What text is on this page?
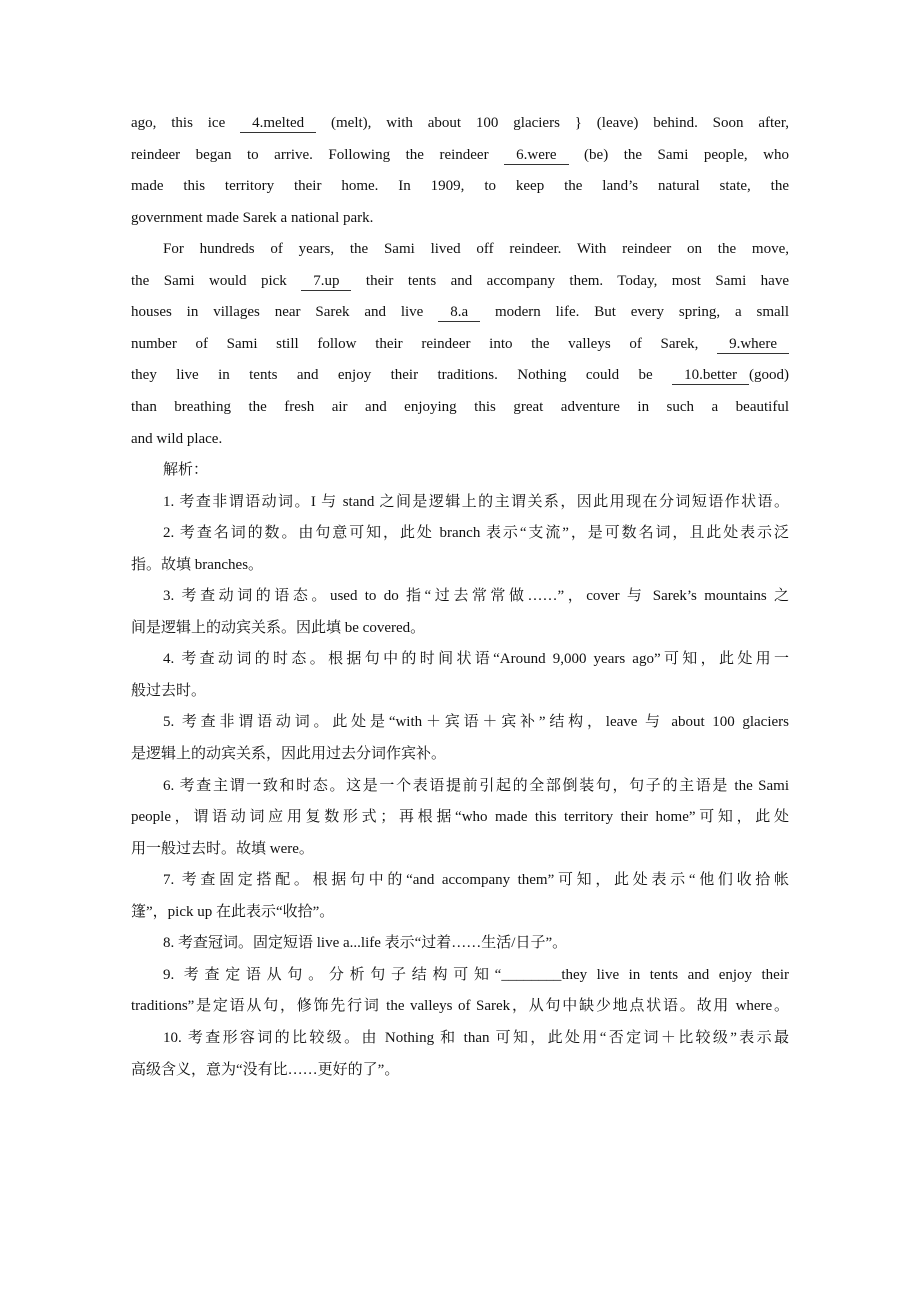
ago, this ice 4.melted (melt), with about 100 glaciers } (leave) behind. Soon after,
reindeer began to arrive. Following the reindeer 6.were (be) the Sami people, who
made this territory their home. In 1909, to keep the land’s natural state, the
government made Sarek a national park.
For hundreds of years, the Sami lived off reindeer. With reindeer on the move,
the Sami would pick 7.up their tents and accompany them. Today, most Sami have
houses in villages near Sarek and live 8.a modern life. But every spring, a small
number of Sami still follow their reindeer into the valleys of Sarek, 9.where
they live in tents and enjoy their traditions. Nothing could be 10.better (good)
than breathing the fresh air and enjoying this great adventure in such a beautiful
and wild place.
解析：
1. 考查非谓语动词。I 与 stand 之间是逻辑上的主谓关系，因此用现在分词短语作状语。
2. 考查名词的数。由句意可知，此处 branch 表示“支流”，是可数名词，且此处表示泛
指。故填 branches。
3. 考查动词的语态。used to do 指“过去常常做……”，cover 与 Sarek’s mountains 之
间是逻辑上的动宾关系。因此填 be covered。
4. 考查动词的时态。根据句中的时间状语“Around 9,000 years ago”可知，此处用一
般过去时。
5. 考查非谓语动词。此处是“with＋宾语＋宾补”结构，leave 与 about 100 glaciers
是逻辑上的动宾关系，因此用过去分词作宾补。
6. 考查主谓一致和时态。这是一个表语提前引起的全部倒装句，句子的主语是 the Sami
people，谓语动词应用复数形式；再根据“who made this territory their home”可知，此处
用一般过去时。故填 were。
7. 考查固定搭配。根据句中的“and accompany them”可知，此处表示“他们收拾帐
篷”，pick up 在此表示“收拾”。
8. 考查冠词。固定短语 live a...life 表示“过着……生活/日子”。
9. 考查定语从句。分析句子结构可知“________they live in tents and enjoy their
traditions”是定语从句，修饰先行词 the valleys of Sarek，从句中缺少地点状语。故用 where。
10. 考查形容词的比较级。由 Nothing 和 than 可知，此处用“否定词＋比较级”表示最
高级含义，意为“没有比……更好的了”。
